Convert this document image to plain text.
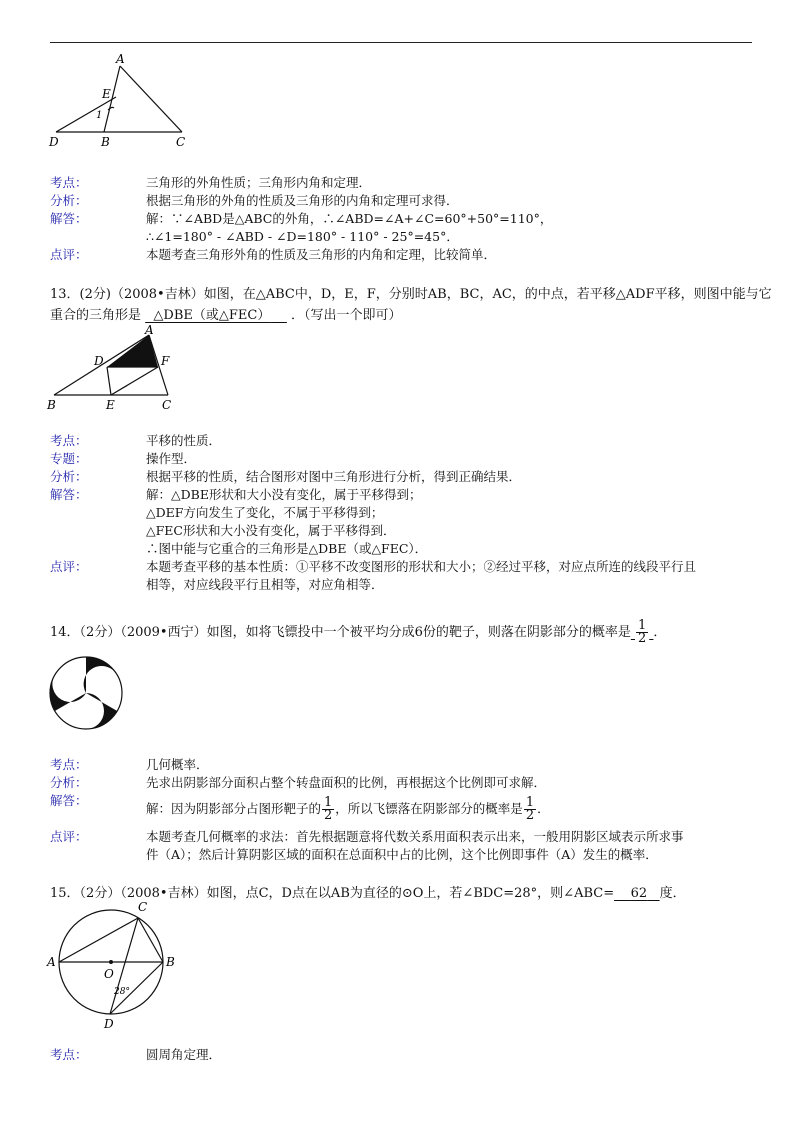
A
E
1
D	B	C
考点：	三角形的外角性质；三角形内角和定理．
分析：	根据三角形的外角的性质及三角形的内角和定理可求得．
解答：	解：∵∠ABD是△ABC的外角，∴∠ABD=∠A+∠C=60°+50°=110°，
∴∠1=180° - ∠ABD - ∠D=180° - 110° - 25°=45°．
点评：	本题考查三角形外角的性质及三角形的内角和定理，比较简单．
13．(2分)（2008•吉林）如图，在△ABC中，D，E，F，分别时AB，BC，AC，的中点，若平移△ADF平移，则图中能与它
重合的三角形是 △DBE（或△FEC） ．（写出一个即可）
A
D	F
B	E	C
考点：	平移的性质．
专题：	操作型．
分析：	根据平移的性质，结合图形对图中三角形进行分析，得到正确结果．
解答：	解：△DBE形状和大小没有变化，属于平移得到；
△DEF方向发生了变化，不属于平移得到；
△FEC形状和大小没有变化，属于平移得到．
∴图中能与它重合的三角形是△DBE（或△FEC）．
点评：	本题考查平移的基本性质：①平移不改变图形的形状和大小；②经过平移，对应点所连的线段平行且
相等，对应线段平行且相等，对应角相等．
14．（2分）（2009•西宁）如图，如将飞镖投中一个被平均分成6份的靶子，则落在阴影部分的概率是 $\frac{1}{2}$ ．
考点：	几何概率．
分析：	先求出阴影部分面积占整个转盘面积的比例，再根据这个比例即可求解．
解答：
解：因为阴影部分占图形靶子的 $\frac{1}{2}$ ，所以飞镖落在阴影部分的概率是 $\frac{1}{2}$ ．
点评：	本题考查几何概率的求法：首先根据题意将代数关系用面积表示出来，一般用阴影区域表示所求事
件（A）；然后计算阴影区域的面积在总面积中占的比例，这个比例即事件（A）发生的概率．
15．（2分）（2008•吉林）如图，点C，D点在以AB为直径的⊙O上，若∠BDC=28°，则∠ABC= 62 度．
C
A
O
B
28°
D
考点：	圆周角定理．
